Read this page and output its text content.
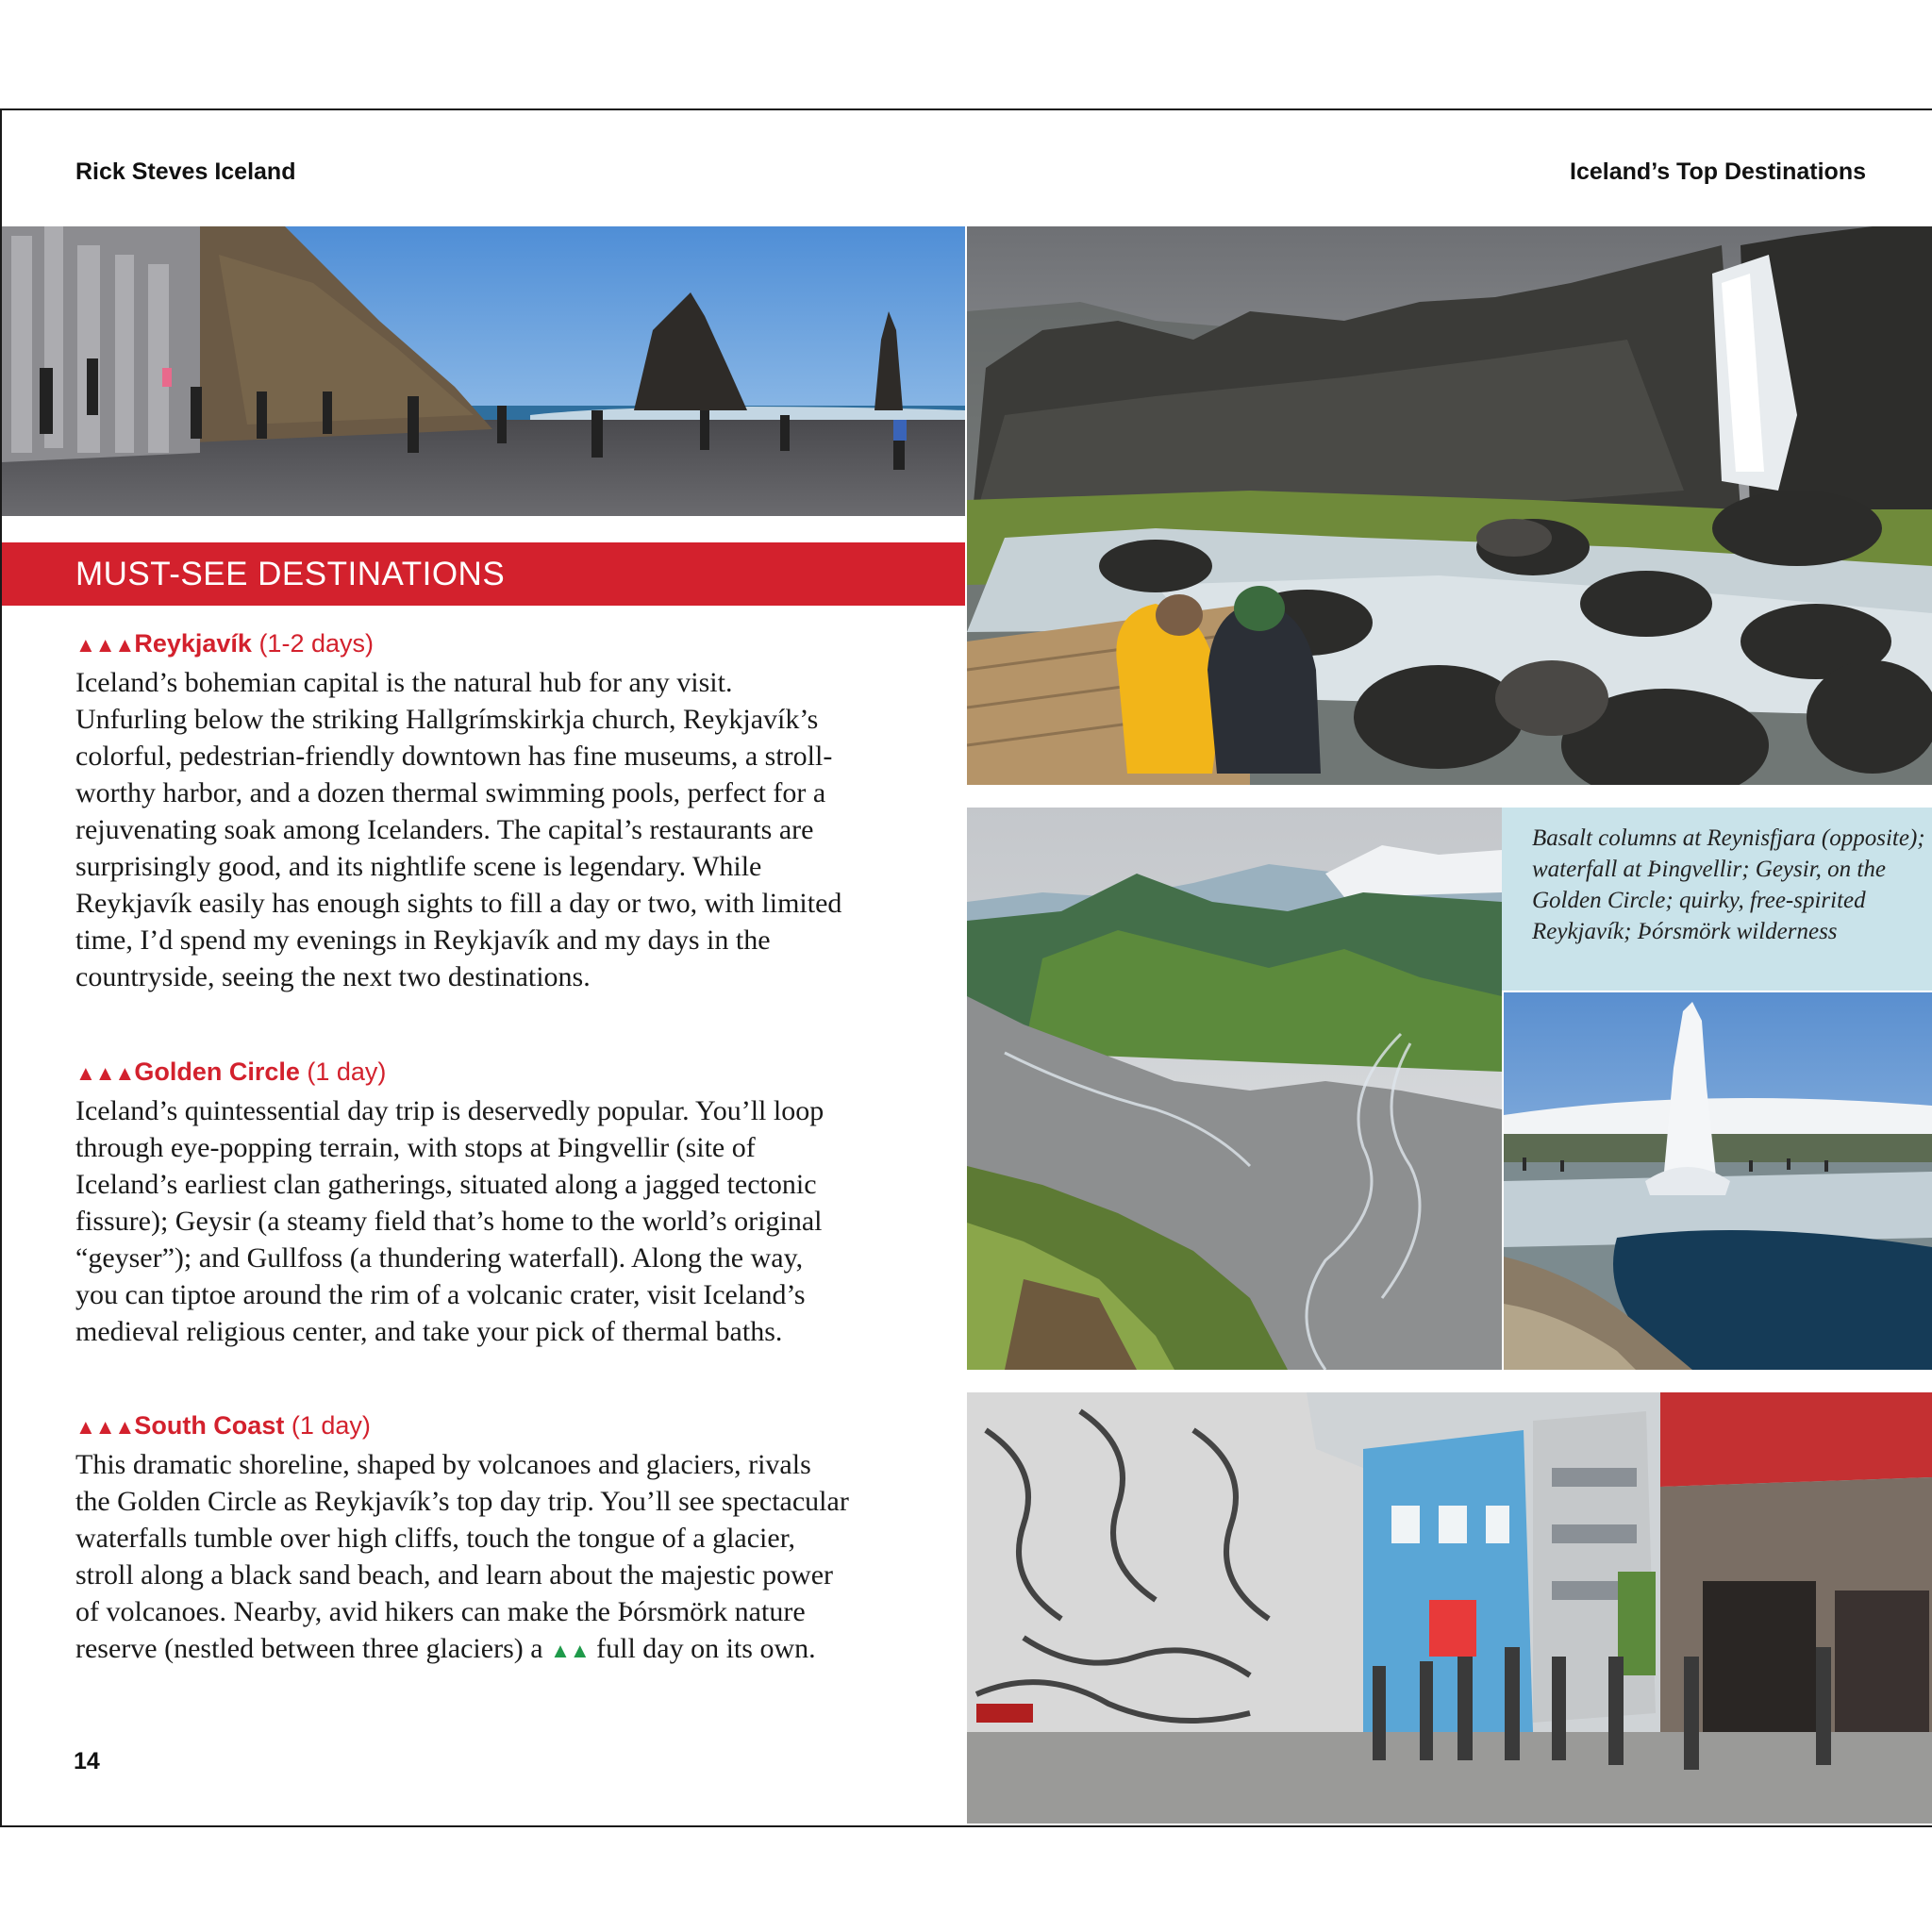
Rick Steves Iceland	Iceland’s Top Destinations

Basalt columns at Reynisfjara (opposite); waterfall at Þingvellir; Geysir, on the Golden Circle; quirky, free-spirited Reykjavík; Þórsmörk wilderness

MUST-SEE DESTINATIONS
▲▲▲Reykjavík (1-2 days)

Iceland’s bohemian capital is the natural hub for any visit. Unfurling below the striking Hallgrímskirkja church, Reykjavík’s colorful, pedestrian-friendly downtown has fine museums, a stroll-worthy harbor, and a dozen thermal swimming pools, perfect for a rejuvenating soak among Icelanders. The capital’s restaurants are surprisingly good, and its nightlife scene is legendary. While Reykjavík easily has enough sights to fill a day or two, with limited time, I’d spend my evenings in Reykjavík and my days in the countryside, seeing the next two destinations.

▲▲▲Golden Circle (1 day)

Iceland’s quintessential day trip is deservedly popular. You’ll loop through eye-popping terrain, with stops at Þingvellir (site of Iceland’s earliest clan gatherings, situated along a jagged tectonic fissure); Geysir (a steamy field that’s home to the world’s original “geyser”); and Gullfoss (a thundering waterfall). Along the way, you can tiptoe around the rim of a volcanic crater, visit Iceland’s medieval religious center, and take your pick of thermal baths.

▲▲▲South Coast (1 day)

This dramatic shoreline, shaped by volcanoes and glaciers, rivals the Golden Circle as Reykjavík’s top day trip. You’ll see spectacular waterfalls tumble over high cliffs, touch the tongue of a glacier, stroll along a black sand beach, and learn about the majestic power of volcanoes. Nearby, avid hikers can make the Þórsmörk nature reserve (nestled between three glaciers) a ▲▲ full day on its own.

14
